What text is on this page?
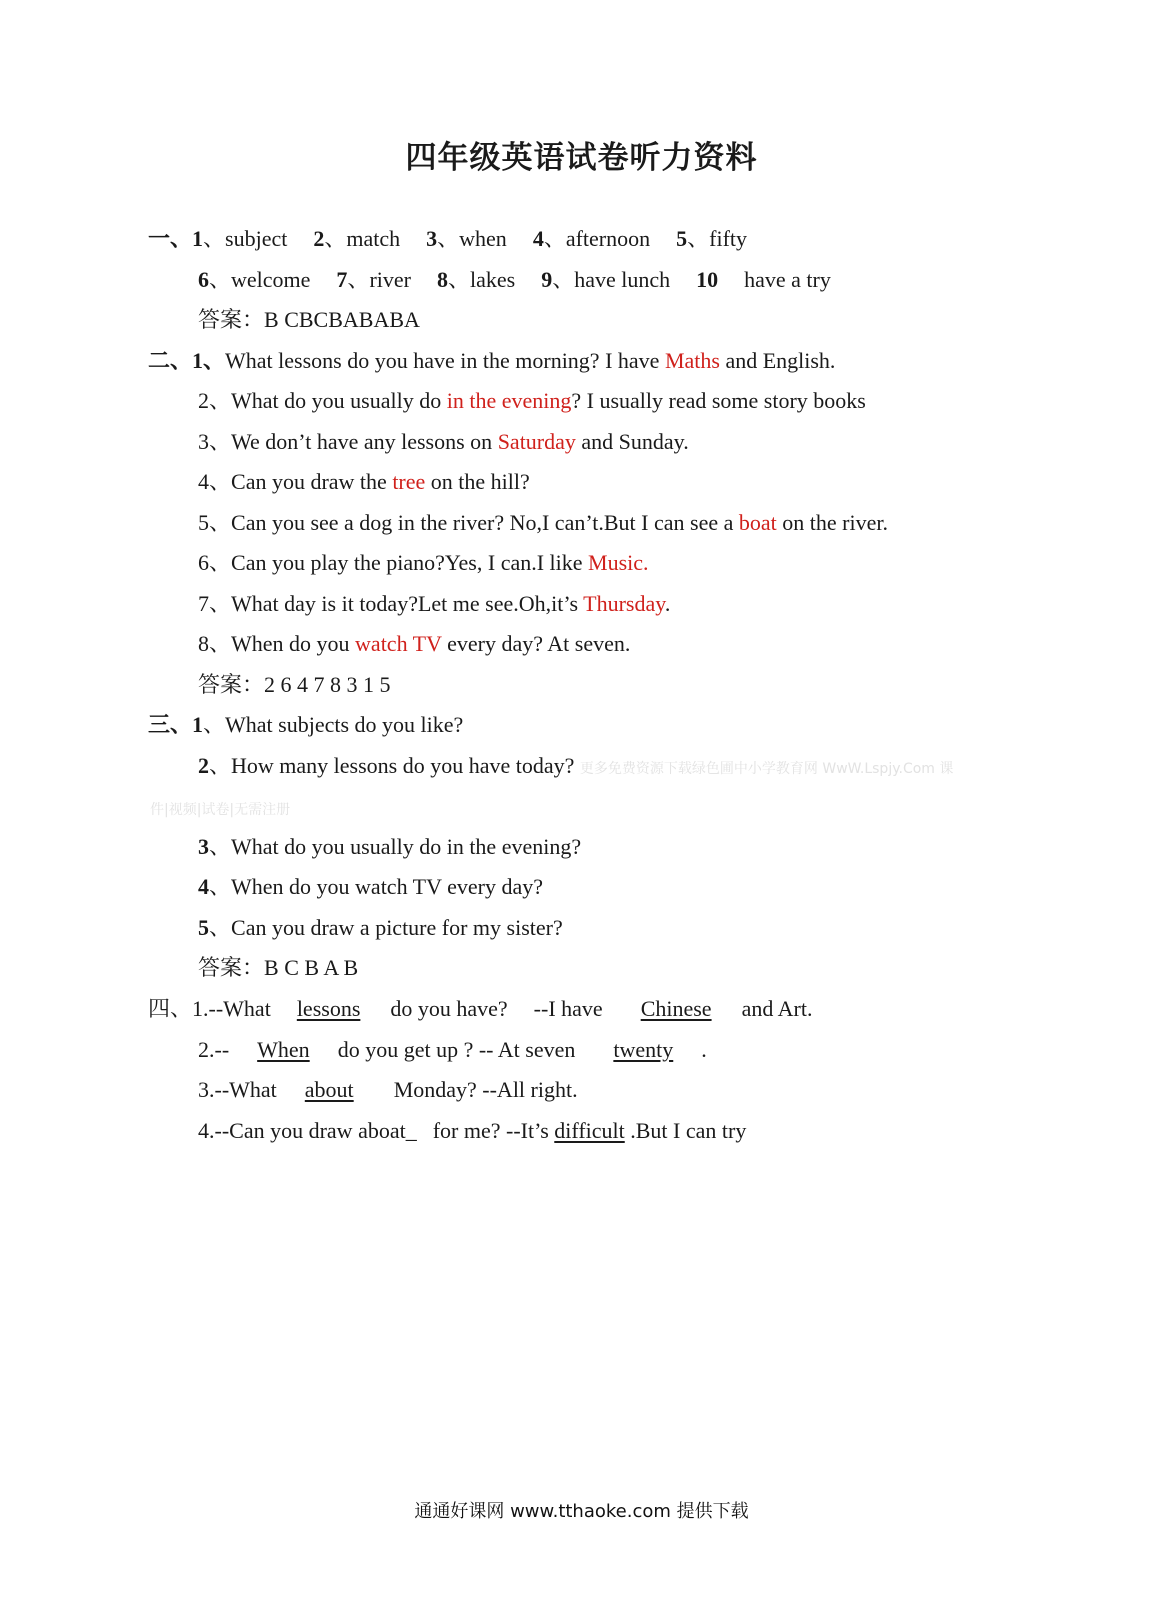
四年级英语试卷听力资料
一、1、subject 2、match 3、when 4、afternoon 5、fifty
6、welcome 7、river 8、lakes 9、have lunch 10 have a try
答案：B CBCBABABA
二、1、What lessons do you have in the morning? I have Maths and English.
2、What do you usually do in the evening? I usually read some story books
3、We don’t have any lessons on Saturday and Sunday.
4、Can you draw the tree on the hill?
5、Can you see a dog in the river? No,I can’t.But I can see a boat on the river.
6、Can you play the piano?Yes, I can.I like Music.
7、What day is it today?Let me see.Oh,it’s Thursday.
8、When do you watch TV every day? At seven.
答案：2 6 4 7 8 3 1 5
三、1、What subjects do you like?
2、How many lessons do you have today? 更多免费资源下载绿色圃中小学教育网 WwW.Lspjy.Com 课
件|视频|试卷|无需注册
3、What do you usually do in the evening?
4、When do you watch TV every day?
5、Can you draw a picture for my sister?
答案：B C B A B
四、1.--What lessons do you have? --I have Chinese and Art.
2.-- When do you get up ? -- At seven twenty .
3.--What about Monday? --All right.
4.--Can you draw aboat_ for me? --It’s difficult .But I can try
通通好课网 www.tthaoke.com 提供下载
